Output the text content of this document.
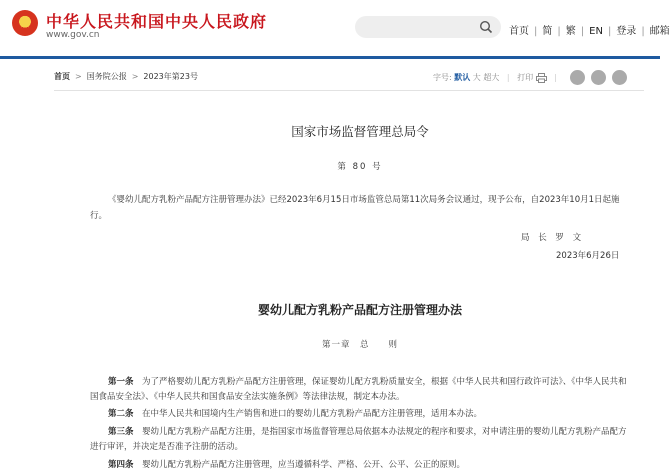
中华人民共和国中央人民政府
www.gov.cn	首页 | 简 | 繁 | EN | 登录 | 邮箱
首页 > 国务院公报 > 2023年第23号	字号: 默认 大 超大 | 打印	|
国家市场监督管理总局令
第 80 号
《婴幼儿配方乳粉产品配方注册管理办法》已经2023年6月15日市场监管总局第11次局务会议通过，现予公布，自2023年10月1日起施行。
局 长 罗 文
2023年6月26日
婴幼儿配方乳粉产品配方注册管理办法
第一章　总　　则
第一条　 为了严格婴幼儿配方乳粉产品配方注册管理，保证婴幼儿配方乳粉质量安全，根据《中华人民共和国行政许可法》、《中华人民共和国食品安全法》、《中华人民共和国食品安全法实施条例》等法律法规，制定本办法。
第二条　 在中华人民共和国境内生产销售和进口的婴幼儿配方乳粉产品配方注册管理，适用本办法。
第三条　 婴幼儿配方乳粉产品配方注册，是指国家市场监督管理总局依据本办法规定的程序和要求，对申请注册的婴幼儿配方乳粉产品配方进行审评，并决定是否准予注册的活动。
第四条　 婴幼儿配方乳粉产品配方注册管理，应当遵循科学、严格、公开、公平、公正的原则。
